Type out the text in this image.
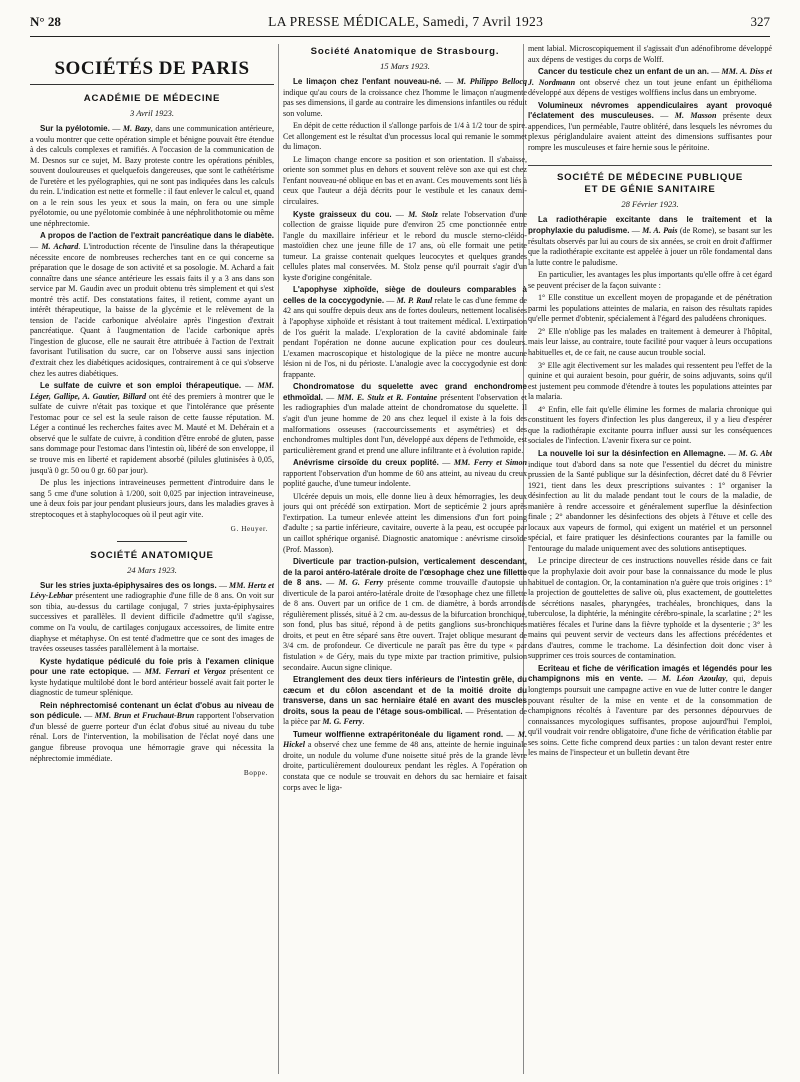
N° 28	LA PRESSE MÉDICALE, Samedi, 7 Avril 1923	327
SOCIÉTÉS DE PARIS
ACADÉMIE DE MÉDECINE
3 Avril 1923.

Sur la pyélotomie. — M. Bazy, dans une communication antérieure, a voulu montrer que cette opération simple et bénigne pouvait être étendue à des calculs complexes et ramifiés. A l'occasion de la communication de M. Desnos sur ce sujet, M. Bazy proteste contre les opérations pénibles, souvent douloureuses et quelquefois dangereuses, que sont le cathétérisme de l'uretère et les pyélographies, qui ne sont pas indiquées dans les calculs du rein. L'indication est nette et formelle : il faut enlever le calcul et, quand on a le rein sous les yeux et sous la main, on fera ou une simple pyélotomie, ou une pyélotomie combinée à une néphrolithotomie ou même une néphrectomie.

A propos de l'action de l'extrait pancréatique dans le diabète. — M. Achard. L'introduction récente de l'insuline dans la thérapeutique nécessite encore de nombreuses recherches tant en ce qui concerne sa préparation que le dosage de son activité et sa posologie. M. Achard a fait connaître dans une séance antérieure les essais faits il y a 3 ans dans son service par M. Gaudin avec un produit obtenu très simplement et qui s'est montré très actif. Des constatations faites, il retient, comme ayant un intérêt thérapeutique, la baisse de la glycémie et le relèvement de la tension de l'acide carbonique alvéolaire après l'ingestion d'extrait pancréatique. Quant à l'augmentation de l'acide carbonique après l'ingestion de glucose, elle ne saurait être attribuée à l'action de l'extrait favorisant l'utilisation du sucre, car on l'observe aussi sans injection d'extrait chez les diabétiques acidosiques, contrairement à ce qui s'observe chez les autres diabétiques.

Le sulfate de cuivre et son emploi thérapeutique. — MM. Léger, Gallipe, A. Gautier, Billard ont été des premiers à montrer que le sulfate de cuivre n'était pas toxique et que l'intolérance que présente l'estomac pour ce sel est la seule raison de cette fausse réputation. M. Léger a continué les recherches faites avec M. Mauté et M. Dehérain et a observé que le sulfate de cuivre, à condition d'être enrobé de gluten, passe sans dommage pour l'estomac dans l'intestin où, libéré de son enveloppe, il se trouve mis en liberté et rapidement absorbé (pilules glutinisées à 0,05, jusqu'à 0 gr. 50 ou 0 gr. 60 par jour).

De plus les injections intraveineuses permettent d'introduire dans le sang 5 cme d'une solution à 1/200, soit 0,025 par injection intraveineuse, une à deux fois par jour pendant plusieurs jours, dans les maladies graves à streptocoques et à staphylocoques où il peut agir vite.

G. Heuyer.

SOCIÉTÉ ANATOMIQUE
24 Mars 1923.

Sur les stries juxta-épiphysaires des os longs. — MM. Hertz et Lévy-Lebhar présentent une radiographie d'une fille de 8 ans. On voit sur son tibia, au-dessus du cartilage conjugal, 7 stries juxta-épiphysaires successives et parallèles. Il devient difficile d'admettre qu'il s'agisse, comme on l'a voulu, de cartilages conjugaux accessoires, de limite entre diaphyse et métaphyse. On est tenté d'admettre que ce sont des images de travées osseuses tassées parallèlement à la mortaise.

Kyste hydatique pédiculé du foie pris à l'examen clinique pour une rate ectopique. — MM. Ferrari et Vergoz présentent ce kyste hydatique multilobé dont le bord antérieur bosselé avait fait porter le diagnostic de tumeur splénique.

Rein néphrectomisé contenant un éclat d'obus au niveau de son pédicule. — MM. Brun et Fruchaut-Brun rapportent l'observation d'un blessé de guerre porteur d'un éclat d'obus situé au niveau du tube rénal. Lors de l'intervention, la mobilisation de l'éclat noyé dans une gangue fibreuse provoqua une hémorragie grave qui nécessita la néphrectomie immédiate.

Boppe.

Société Anatomique de Strasbourg.
15 Mars 1923.

Le limaçon chez l'enfant nouveau-né. — M. Philippo Bellocq indique qu'au cours de la croissance chez l'homme le limaçon n'augmente pas ses dimensions, il garde au contraire les dimensions infantiles ou réduit son volume.

En dépit de cette réduction il s'allonge parfois de 1/4 à 1/2 tour de spire. Cet allongement est le résultat d'un processus local qui remanie le sommet du limaçon.

Le limaçon change encore sa position et son orientation. Il s'abaisse, oriente son sommet plus en dehors et souvent relève son axe qui est chez l'enfant nouveau-né oblique en bas et en avant. Ces mouvements sont liés à ceux que l'auteur a déjà décrits pour le vestibule et les canaux demi-circulaires.

Kyste graisseux du cou. — M. Stolz relate l'observation d'une collection de graisse liquide pure d'environ 25 cme ponctionnée entre l'angle du maxillaire inférieur et le rebord du muscle sterno-cléido-mastoïdien chez une jeune fille de 17 ans, où elle formait une petite tumeur. La graisse contenait quelques leucocytes et quelques grandes cellules plates mal conservées. M. Stolz pense qu'il pourrait s'agir d'un kyste d'origine congénitale.

L'apophyse xiphoïde, siège de douleurs comparables à celles de la coccygodynie. — M. P. Raul relate le cas d'une femme de 42 ans qui souffre depuis deux ans de fortes douleurs, nettement localisées à l'apophyse xiphoïde et résistant à tout traitement médical. L'extirpation de l'os guérit la malade. L'exploration de la cavité abdominale faite pendant l'opération ne donne aucune explication pour ces douleurs. L'examen macroscopique et histologique de la pièce ne montre aucune lésion ni de l'os, ni du périoste. L'analogie avec la coccygodynie est donc frappante.

Chondromatose du squelette avec grand enchondrome ethmoïdal. — MM. E. Stulz et R. Fontaine présentent l'observation et les radiographies d'un malade atteint de chondromatose du squelette. Il s'agit d'un jeune homme de 20 ans chez lequel il existe à la fois des malformations osseuses (raccourcissements et asymétries) et des enchondromes multiples dont l'un, développé aux dépens de l'ethmoïde, est particulièrement grand et prend une allure infiltrante et à évolution rapide.

Anévrisme cirsoïde du creux poplité. — MM. Ferry et Simon rapportent l'observation d'un homme de 60 ans atteint, au niveau du creux poplité gauche, d'une tumeur indolente.

Ulcérée depuis un mois, elle donne lieu à deux hémorragies, les deux jours qui ont précédé son extirpation. Mort de septicémie 2 jours après l'extirpation. La tumeur enlevée atteint les dimensions d'un fort poing d'adulte ; sa partie inférieure, cavitaire, ouverte à la peau, est occupée par un caillot sphérique organisé. Diagnostic anatomique : anévrisme cirsoïde (Prof. Masson).

Diverticule par traction-pulsion, verticalement descendant, de la paroi antéro-latérale droite de l'œsophage chez une fillette de 8 ans. — M. G. Ferry présente comme trouvaille d'autopsie un diverticule de la paroi antéro-latérale droite de l'œsophage chez une fillette de 8 ans. Ouvert par un orifice de 1 cm. de diamètre, à bords arrondis régulièrement plissés, situé à 2 cm. au-dessus de la bifurcation bronchique, son fond, plus bas situé, répond à de petits ganglions sus-bronchiques droits, et peut en être séparé sans être ouvert. Trajet oblique mesurant de 3/4 cm. de profondeur. Ce diverticule ne paraît pas être du type « par fistulation » de Géry, mais du type mixte par traction primitive, pulsion secondaire. Aucun signe clinique.

Etranglement des deux tiers inférieurs de l'intestin grêle, du cæcum et du côlon ascendant et de la moitié droite du transverse, dans un sac herniaire étalé en avant des muscles droits, sous la peau de l'étage sous-ombilical. — Présentation de la pièce par M. G. Ferry.

Tumeur wolffienne extrapéritonéale du ligament rond. — M. Hickel a observé chez une femme de 48 ans, atteinte de hernie inguinale droite, un nodule du volume d'une noisette situé près de la grande lèvre droite, particulièrement douloureux pendant les règles. A l'opération on constata que ce nodule se trouvait en dehors du sac herniaire et faisait corps avec le liga-

ment labial. Microscopiquement il s'agissait d'un adénofibrome développé aux dépens de vestiges du corps de Wolff.

Cancer du testicule chez un enfant de un an. — MM. A. Diss et J. Nordmann ont observé chez un tout jeune enfant un épithélioma développé aux dépens de vestiges wolffiens inclus dans un embryome.

Volumineux névromes appendiculaires ayant provoqué l'éclatement des musculeuses. — M. Masson présente deux appendices, l'un perméable, l'autre oblitéré, dans lesquels les névromes du plexus périglandulaire avaient atteint des dimensions suffisantes pour rompre les musculeuses et faire hernie sous le péritoine.

SOCIÉTÉ DE MÉDECINE PUBLIQUE
ET DE GÉNIE SANITAIRE
28 Février 1923.

La radiothérapie excitante dans le traitement et la prophylaxie du paludisme. — M. A. Pais (de Rome), se basant sur les résultats observés par lui au cours de six années, se croit en droit d'affirmer que la radiothérapie excitante est appelée à jouer un rôle fondamental dans la lutte contre le paludisme.

En particulier, les avantages les plus importants qu'elle offre à cet égard se peuvent préciser de la façon suivante :

1° Elle constitue un excellent moyen de propagande et de pénétration parmi les populations atteintes de malaria, en raison des résultats rapides qu'elle permet d'obtenir, spécialement à l'égard des paludéens chroniques.

2° Elle n'oblige pas les malades en traitement à demeurer à l'hôpital, mais leur laisse, au contraire, toute facilité pour vaquer à leurs occupations habituelles et, de ce fait, ne cause aucun trouble social.

3° Elle agit électivement sur les malades qui ressentent peu l'effet de la quinine et qui auraient besoin, pour guérir, de soins adjuvants, soins qu'il est justement peu commode d'étendre à toutes les populations atteintes par la malaria.

4° Enfin, elle fait qu'elle élimine les formes de malaria chronique qui constituent les foyers d'infection les plus dangereux, il y a lieu d'espérer que la radiothérapie excitante pourra influer aussi sur les conséquences sociales de l'infection. L'avenir fixera sur ce point.

La nouvelle loi sur la désinfection en Allemagne. — M. G. Abt indique tout d'abord dans sa note que l'essentiel du décret du ministre prussien de la Santé publique sur la désinfection, décret daté du 8 Février 1921, tient dans les deux prescriptions suivantes : 1° organiser la désinfection au lit du malade pendant tout le cours de la maladie, de manière à rendre accessoire et généralement superflue la désinfection finale ; 2° abandonner les désinfections des objets à l'étuve et celle des locaux aux vapeurs de formol, qui exigent un matériel et un personnel spécial, et faire pratiquer les désinfections courantes par la famille ou l'entourage du malade uniquement avec des solutions antiseptiques.

Le principe directeur de ces instructions nouvelles réside dans ce fait que la prophylaxie doit avoir pour base la connaissance du mode le plus habituel de contagion. Or, la contamination n'a guère que trois origines : 1° la projection de gouttelettes de salive où, plus exactement, de gouttelettes de sécrétions nasales, pharyngées, trachéales, bronchiques, dans la tuberculose, la diphtérie, la méningite cérébro-spinale, la scarlatine ; 2° les matières fécales et l'urine dans la fièvre typhoïde et la dysenterie ; 3° les mains qui peuvent servir de vecteurs dans les affections précédentes et dans d'autres, comme le trachome. La désinfection doit donc viser à supprimer ces trois sources de contamination.

Ecriteau et fiche de vérification imagés et légendés pour les champignons mis en vente. — M. Léon Azoulay, qui, depuis longtemps poursuit une campagne active en vue de lutter contre le danger pouvant résulter de la mise en vente et de la consommation de champignons récoltés à l'aventure par des personnes dépourvues de connaissances mycologiques suffisantes, propose aujourd'hui l'emploi, qu'il voudrait voir rendre obligatoire, d'une fiche de vérification établie par ses soins. Cette fiche comprend deux parties : un talon devant rester entre les mains de l'inspecteur et un bulletin devant être
